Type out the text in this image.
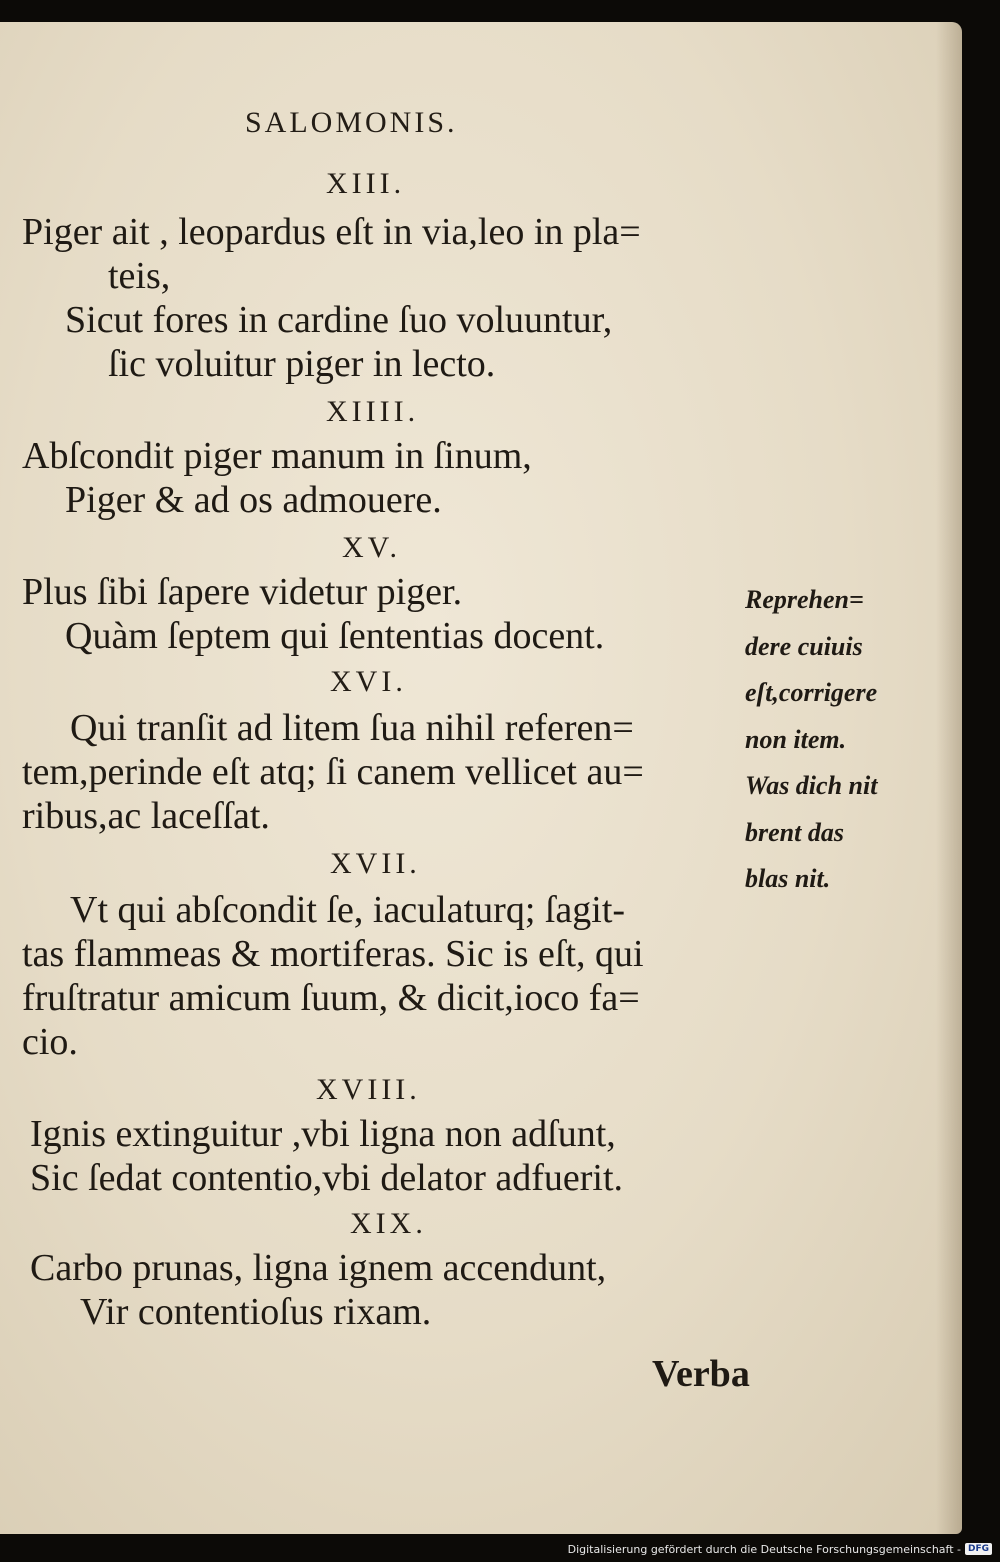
SALOMONIS.
XIII.
Piger ait , leopardus eſt in via,leo in pla=
teis,
Sicut fores in cardine ſuo voluuntur,
ſic voluitur piger in lecto.
XIIII.
Abſcondit piger manum in ſinum,
Piger & ad os admouere.
XV.
Plus ſibi ſapere videtur piger.
Quàm ſeptem qui ſententias docent.
XVI.
Qui tranſit ad litem ſua nihil referen=
tem,perinde eſt atq; ſi canem vellicet au=
ribus,ac laceſſat.
XVII.
Vt qui abſcondit ſe, iaculaturq; ſagit-
tas flammeas & mortiferas. Sic is eſt, qui
fruſtratur amicum ſuum, & dicit,ioco fa=
cio.
XVIII.
Ignis extinguitur ,vbi ligna non adſunt,
Sic ſedat contentio,vbi delator adfuerit.
XIX.
Carbo prunas, ligna ignem accendunt,
Vir contentioſus rixam.
Reprehen=
dere cuiuis
eſt,corrigere
non item.
Was dich nit
brent das
blas nit.
Verba
Digitalisierung gefördert durch die Deutsche Forschungsgemeinschaft - DFG
